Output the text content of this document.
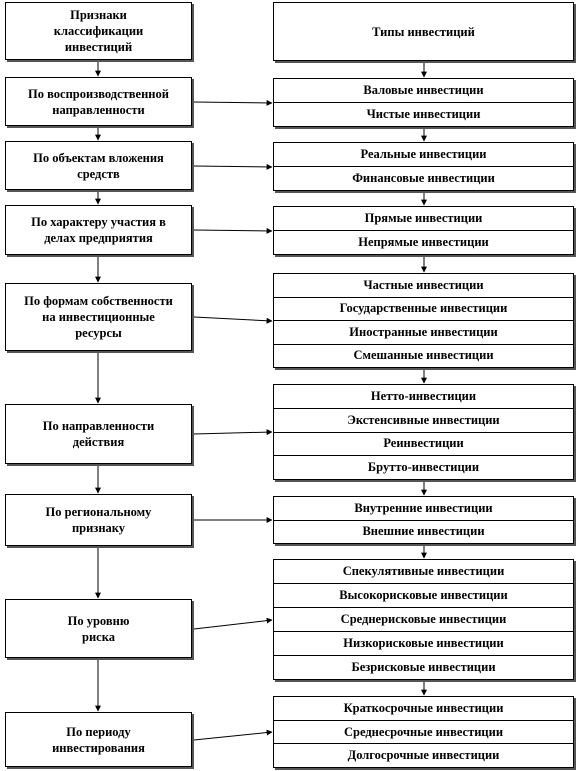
Признаки
классификации
инвестиций
Типы инвестиций
По воспроизводственной
направленности
По объектам вложения
средств
По характеру участия в
делах предприятия
По формам собственности
на инвестиционные
ресурсы
По направленности
действия
По региональному
признаку
По уровню
риска
По периоду
инвестирования
Валовые инвестиции
Чистые инвестиции
Реальные инвестиции
Финансовые инвестиции
Прямые инвестиции
Непрямые инвестиции
Частные инвестиции
Государственные инвестиции
Иностранные инвестиции
Смешанные инвестиции
Нетто-инвестиции
Экстенсивные инвестиции
Реинвестиции
Брутто-инвестиции
Внутренние инвестиции
Внешние инвестиции
Спекулятивные инвестиции
Высокорисковые инвестиции
Среднерисковые инвестиции
Низкорисковые инвестиции
Безрисковые инвестиции
Краткосрочные инвестиции
Среднесрочные инвестиции
Долгосрочные инвестиции
